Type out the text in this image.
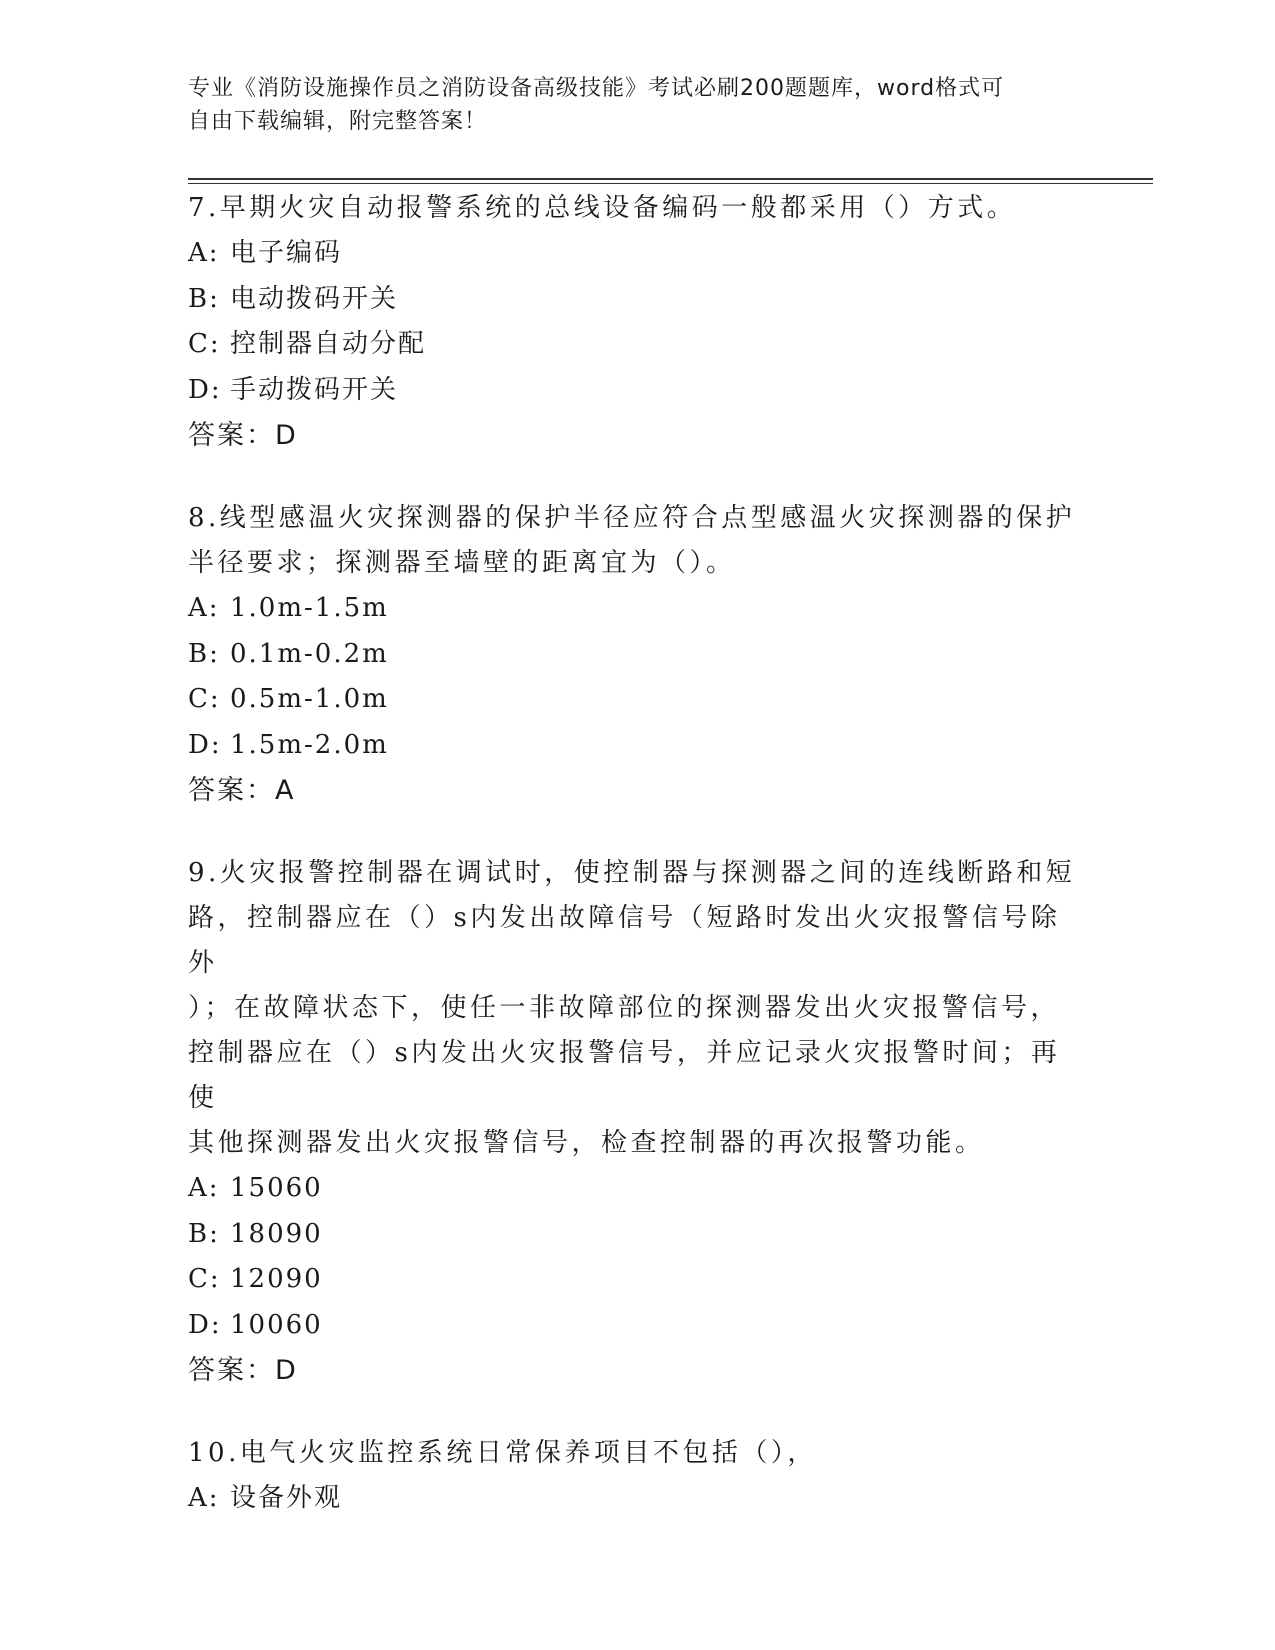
专业《消防设施操作员之消防设备高级技能》考试必刷200题题库，word格式可
自由下载编辑，附完整答案！

7.早期火灾自动报警系统的总线设备编码一般都采用（）方式。

A: 电子编码

B: 电动拨码开关

C: 控制器自动分配

D: 手动拨码开关

答案：D

8.线型感温火灾探测器的保护半径应符合点型感温火灾探测器的保护

半径要求；探测器至墙壁的距离宜为（）。

A: 1.0m-1.5m

B: 0.1m-0.2m

C: 0.5m-1.0m

D: 1.5m-2.0m

答案：A

9.火灾报警控制器在调试时，使控制器与探测器之间的连线断路和短

路，控制器应在（）s内发出故障信号（短路时发出火灾报警信号除外

）；在故障状态下，使任一非故障部位的探测器发出火灾报警信号，

控制器应在（）s内发出火灾报警信号，并应记录火灾报警时间；再使

其他探测器发出火灾报警信号，检查控制器的再次报警功能。

A: 15060

B: 18090

C: 12090

D: 10060

答案：D

10.电气火灾监控系统日常保养项目不包括（），

A: 设备外观
